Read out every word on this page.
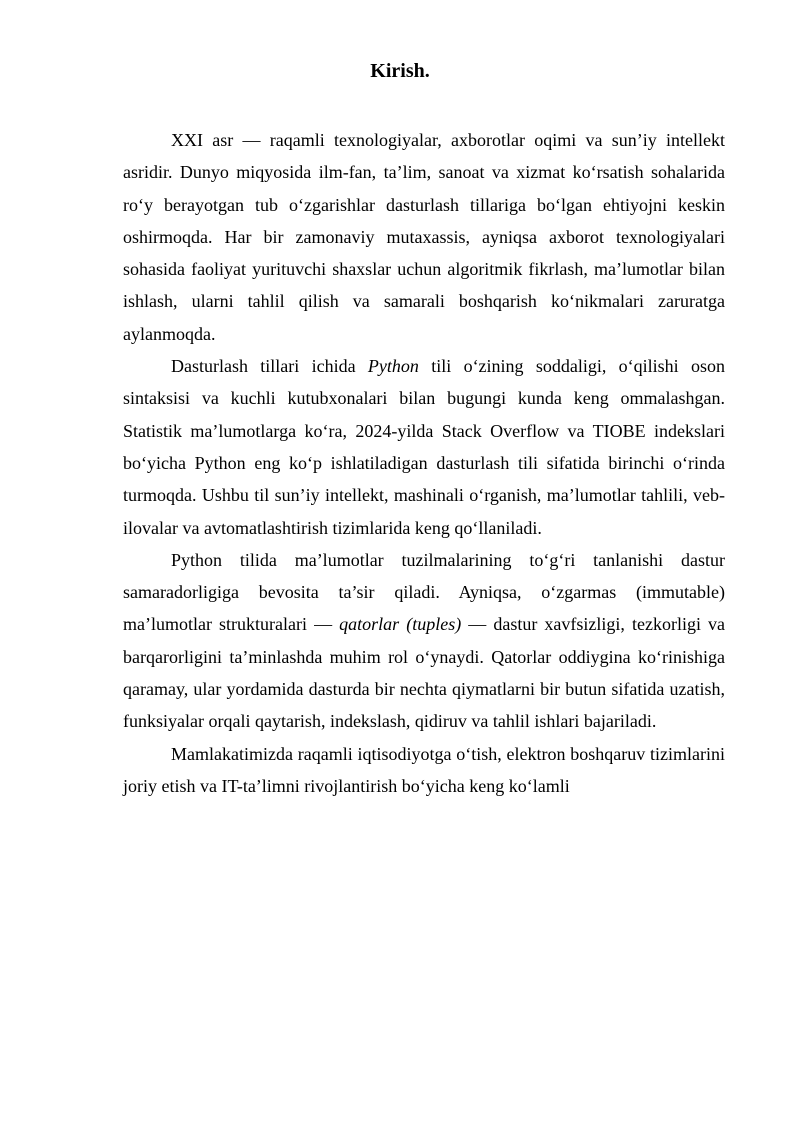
Kirish.

XXI asr — raqamli texnologiyalar, axborotlar oqimi va sun’iy intellekt asridir. Dunyo miqyosida ilm-fan, ta’lim, sanoat va xizmat ko‘rsatish sohalarida ro‘y berayotgan tub o‘zgarishlar dasturlash tillariga bo‘lgan ehtiyojni keskin oshirmoqda. Har bir zamonaviy mutaxassis, ayniqsa axborot texnologiyalari sohasida faoliyat yurituvchi shaxslar uchun algoritmik fikrlash, ma’lumotlar bilan ishlash, ularni tahlil qilish va samarali boshqarish ko‘nikmalari zaruratga aylanmoqda.

Dasturlash tillari ichida Python tili o‘zining soddaligi, o‘qilishi oson sintaksisi va kuchli kutubxonalari bilan bugungi kunda keng ommalashgan. Statistik ma’lumotlarga ko‘ra, 2024-yilda Stack Overflow va TIOBE indekslari bo‘yicha Python eng ko‘p ishlatiladigan dasturlash tili sifatida birinchi o‘rinda turmoqda. Ushbu til sun’iy intellekt, mashinali o‘rganish, ma’lumotlar tahlili, veb-ilovalar va avtomatlashtirish tizimlarida keng qo‘llaniladi.

Python tilida ma’lumotlar tuzilmalarining to‘g‘ri tanlanishi dastur samaradorligiga bevosita ta’sir qiladi. Ayniqsa, o‘zgarmas (immutable) ma’lumotlar strukturalari — qatorlar (tuples) — dastur xavfsizligi, tezkorligi va barqarorligini ta’minlashda muhim rol o‘ynaydi. Qatorlar oddiygina ko‘rinishiga qaramay, ular yordamida dasturda bir nechta qiymatlarni bir butun sifatida uzatish, funksiyalar orqali qaytarish, indekslash, qidiruv va tahlil ishlari bajariladi.

Mamlakatimizda raqamli iqtisodiyotga o‘tish, elektron boshqaruv tizimlarini joriy etish va IT-ta’limni rivojlantirish bo‘yicha keng ko‘lamli
